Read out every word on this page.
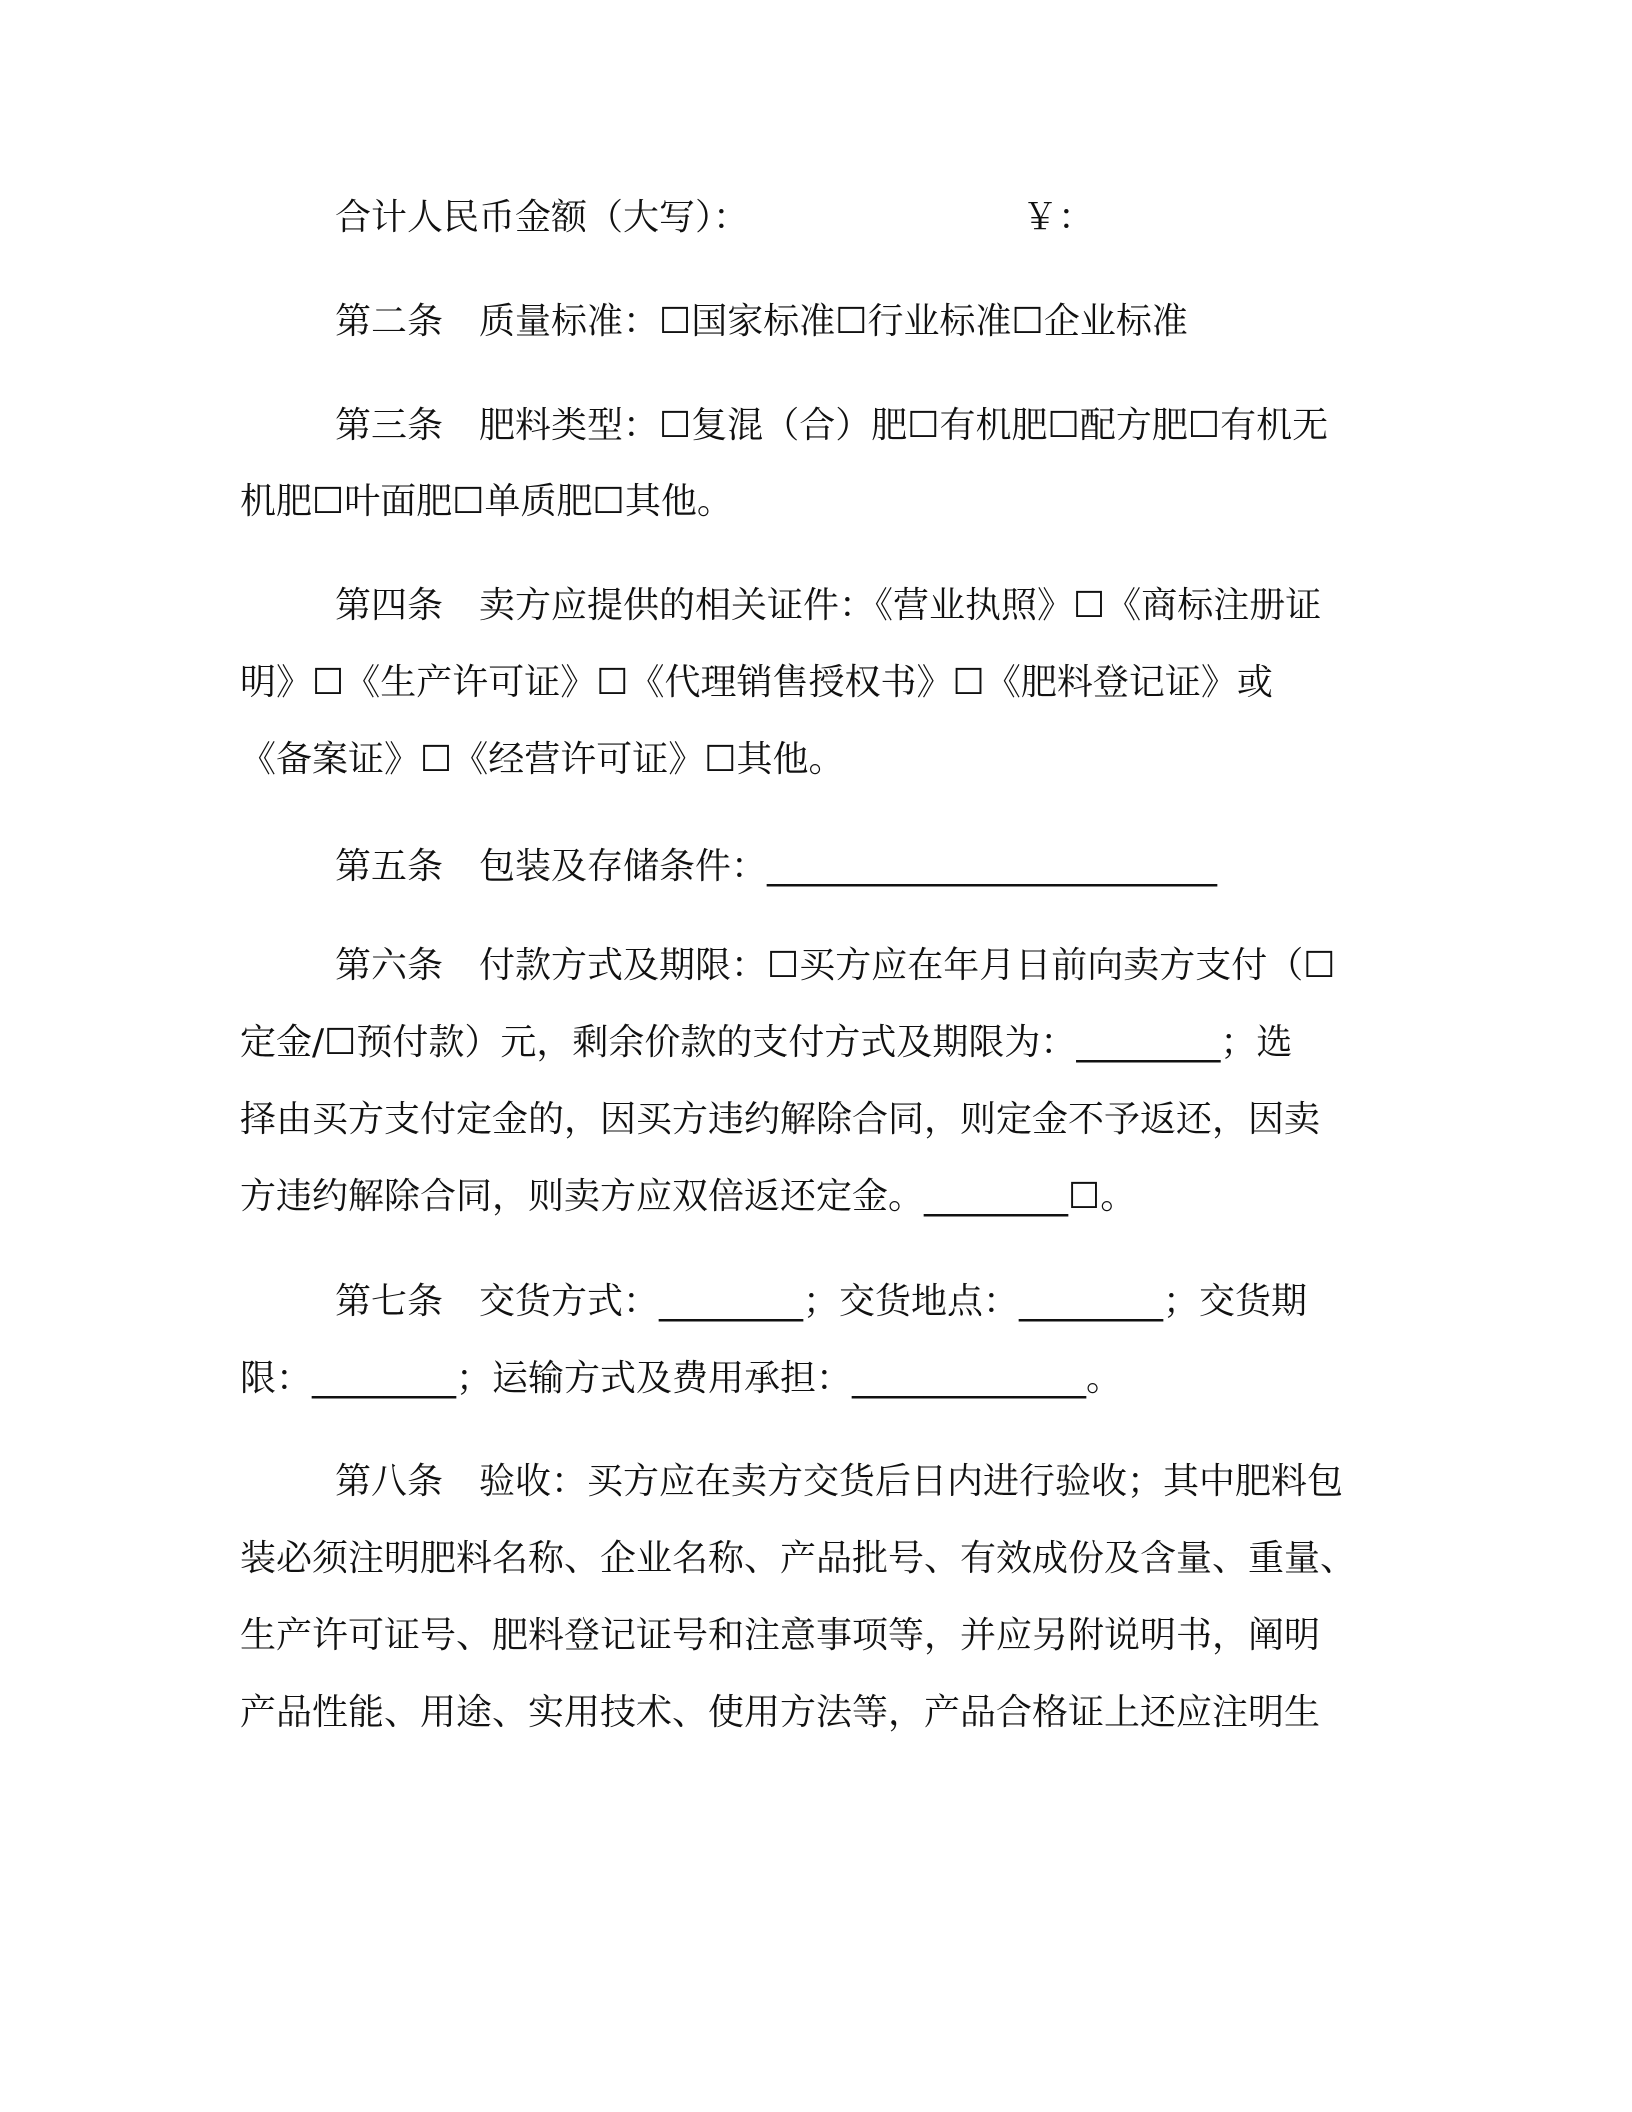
合计人民币金额（大写）：	￥：
第二条　质量标准：☐国家标准☐行业标准☐企业标准
第三条　肥料类型：☐复混（合）肥☐有机肥☐配方肥☐有机无
机肥☐叶面肥☐单质肥☐其他。
第四条　卖方应提供的相关证件：《营业执照》☐《商标注册证
明》☐《生产许可证》☐《代理销售授权书》☐《肥料登记证》或
《备案证》☐《经营许可证》☐其他。
第五条　包装及存储条件：_________________________
第六条　付款方式及期限：☐买方应在年月日前向卖方支付（☐
定金/☐预付款）元，剩余价款的支付方式及期限为：________；选
择由买方支付定金的，因买方违约解除合同，则定金不予返还，因卖
方违约解除合同，则卖方应双倍返还定金。________☐。
第七条　交货方式：________；交货地点：________；交货期
限：________；运输方式及费用承担：_____________。
第八条　验收：买方应在卖方交货后日内进行验收；其中肥料包
装必须注明肥料名称、企业名称、产品批号、有效成份及含量、重量、
生产许可证号、肥料登记证号和注意事项等，并应另附说明书，阐明
产品性能、用途、实用技术、使用方法等，产品合格证上还应注明生
